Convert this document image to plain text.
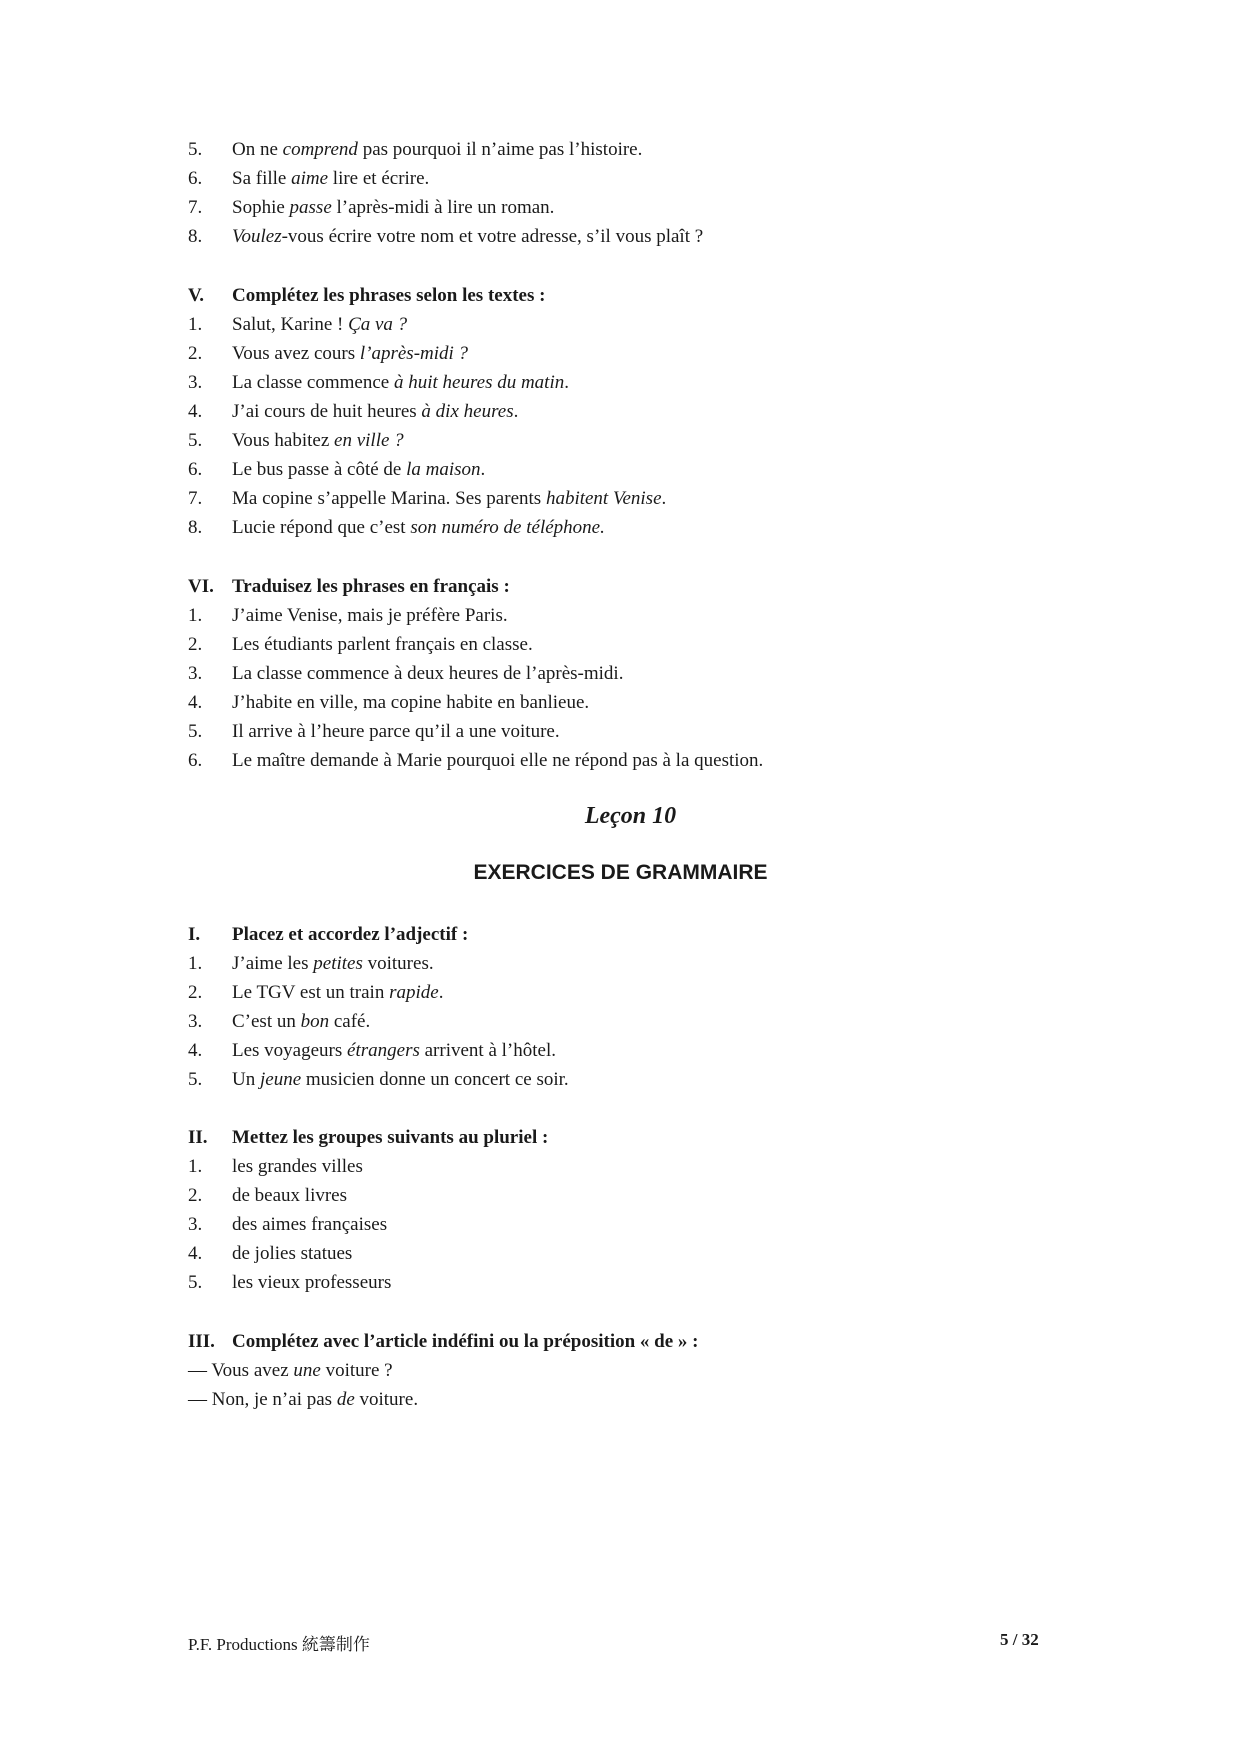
5.	On ne comprend pas pourquoi il n’aime pas l’histoire.
6.	Sa fille aime lire et écrire.
7.	Sophie passe l’après-midi à lire un roman.
8.	Voulez-vous écrire votre nom et votre adresse, s’il vous plaît ?
V.	Complétez les phrases selon les textes :
1.	Salut, Karine ! Ça va ?
2.	Vous avez cours l’après-midi ?
3.	La classe commence à huit heures du matin.
4.	J’ai cours de huit heures à dix heures.
5.	Vous habitez en ville ?
6.	Le bus passe à côté de la maison.
7.	Ma copine s’appelle Marina. Ses parents habitent Venise.
8.	Lucie répond que c’est son numéro de téléphone.
VI. Traduisez les phrases en français :
1.	J’aime Venise, mais je préfère Paris.
2.	Les étudiants parlent français en classe.
3.	La classe commence à deux heures de l’après-midi.
4.	J’habite en ville, ma copine habite en banlieue.
5.	Il arrive à l’heure parce qu’il a une voiture.
6.	Le maître demande à Marie pourquoi elle ne répond pas à la question.
Leçon 10
EXERCICES DE GRAMMAIRE
I.	Placez et accordez l’adjectif :
1.	J’aime les petites voitures.
2.	Le TGV est un train rapide.
3.	C’est un bon café.
4.	Les voyageurs étrangers arrivent à l’hôtel.
5.	Un jeune musicien donne un concert ce soir.
II.	Mettez les groupes suivants au pluriel :
1.	les grandes villes
2.	de beaux livres
3.	des aimes françaises
4.	de jolies statues
5.	les vieux professeurs
III. Complétez avec l’article indéfini ou la préposition « de » :
— Vous avez une voiture ?
— Non, je n’ai pas de voiture.
P.F. Productions 統籌制作	5 / 32
